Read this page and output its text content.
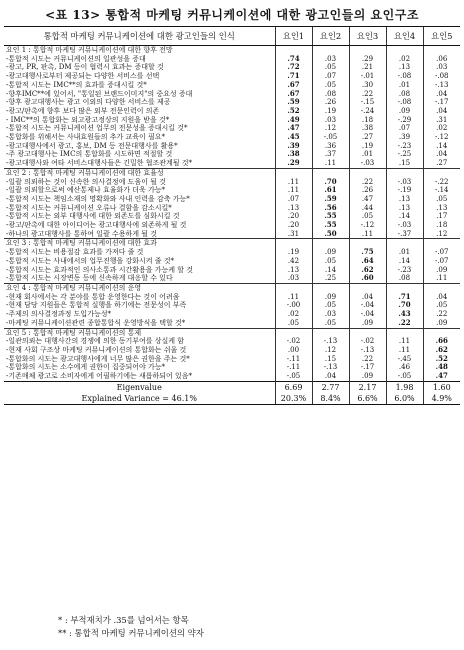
<표 13> 통합적 마케팅 커뮤니케이션에 대한 광고인들의 요인구조
통합적 마케팅 커뮤니케이션에 대한 광고인들의 인식	요인1	요인2	요인3	요인4	요인5
요인 1 : 통합적 마케팅 커뮤니케이션에 대한 향후 전망					
-통합적 시도는 커뮤니케이션의 일관성을 증대	.74	.03	.29	.02	.06
-광고, PR, 판촉, DM 등이 협력시 효과는 증대할 것	.72	.05	.21	.13	.03
-광고대행사로부터 제공되는 다양한 서비스를 선택	.71	.07	-.01	-.08	-.08
-통합적 시도는 IMC**의 효과를 증대시킬 것*	.67	.05	.30	.01	-.13
-향후IMC**에 있어서, "통일된 브랜드이미지"의 중요성 증대	.67	.08	.22	.08	.04
-향후 광고대행사는 광고 이외의 다양한 서비스를 제공	.59	.26	-.15	-.08	-.17
-광고/판촉에 향후 보다 많은 외부 전문인력이 의존	.52	.19	-.24	.09	.04
- IMC**의 통합화는 외고광고정상의 지원을 받을 것*	.49	.03	.18	-.29	.31
-통합적 시도는 커뮤니케이션 업무의 전문성을 증대시킬 것*	.47	.12	.38	.07	.02
-통합화를 위해서는 사내효원들의 추가 교육이 필요*	.45	-.05	.27	.39	-.12
-광고대행사에서 광고, 홍보, DM 등 전문대행사를 활용*	.39	.36	.19	-.23	.14
-주 광고대행사는 IMC의 통합화를 시도하면 적절할 것	.38	.37	.01	-.25	.04
-광고대행사와 여타 서비스대행사들은 긴밀한 협조관계될 것*	.29	.11	-.03	.15	.27
요인 2 : 통합적 마케팅 커뮤니케이션에 대한 효율성					
-일괄 의뢰하는 것이 신속한 의사결정에 도움이 될 것	.11	.70	.22	-.03	-.22
-일괄 의뢰할으로써 예산통제나 효율화가 더욱 가능*	.11	.61	.26	-.19	-.14
-통합적 시도는 책임소재의 명확화와 사내 인력을 감축 가능*	.07	.59	.47	.13	.05
-통합적 시도는 커뮤니케이션 오류나 결함을 감소시킬*	.13	.56	.44	.13	.13
-통합적 시도는 외부 대행사에 대한 외존도를 심화시킬 것	.20	.55	.05	.14	.17
-광고/판촉에 대한 아이디어는 광고대행사에 외존하게 될 것	.20	.55	-.12	-.03	.18
-하나의 광고대행사를 통하여 일괄 수용하게 될 것	.31	.50	.11	-.37	.12
요인 3 : 통합적 마케팅 커뮤니케이션에 대한 효과					
-통합적 시도는 비용절감 효과를 가져다 줄 것	.19	.09	.75	.01	-.07
-통합적 시도는 사내에서의 업무진행을 강화시켜 줄 것*	.42	.05	.64	.14	-.07
-통합적 시도는 효과적인 의사소통과 시간활용을 가능케 할 것	.13	.14	.62	-.23	.09
-통합적 시도는 시장변동 등에 신속하게 대응할 수 있다	.03	.25	.60	.08	.11
요인 4 : 통합적 마케팅 커뮤니케이션의 운영					
-현재 회사에서는 각 분야를 통합 운영한다는 것이 어려움	.11	.09	.04	.71	.04
-현재 담당 지원들은 통합적 실행을 하기에는 전문성이 부족	-.00	.05	-.04	.70	.05
-주제의 의사결정과정 도입가능성*	.02	.03	-.04	.43	.22
-마케팅 커뮤니케이션관련 종합통합식 운영방식을 택할 것*	.05	.05	.09	.22	.09
요인 5 : 통합적 마케팅 커뮤니케이션의 통제					
-일관의뢰는 대행사간의 경쟁에 의한 동기부여를 상실케 함	-.02	-.13	-.02	.11	.66
-현재 사회 구조상 마케팅 커뮤니케이션의 통합화는 쉬울 것	.00	.12	-.13	.11	.62
-통합화의 시도는 광고대행사에게 너무 많은 권한을 주는 것*	-.11	.15	.22	-.45	.52
-통합화의 시도는 소수에게 권한이 집중되어야 가능*	-.11	-.13	-.17	.46	.48
-기존매체 광고로 소비자에게 어필하기에는 새롭하되어 있음*	-.05	.04	.09	-.05	.47
Eigenvalue	6.69	2.77	2.17	1.98	1.60
Explained Variance = 46.1%	20.3%	8.4%	6.6%	6.0%	4.9%
* : 부적재치가 .35를 넘어서는 항목
** : 통합적 마케팅 커뮤니케이션의 약자
